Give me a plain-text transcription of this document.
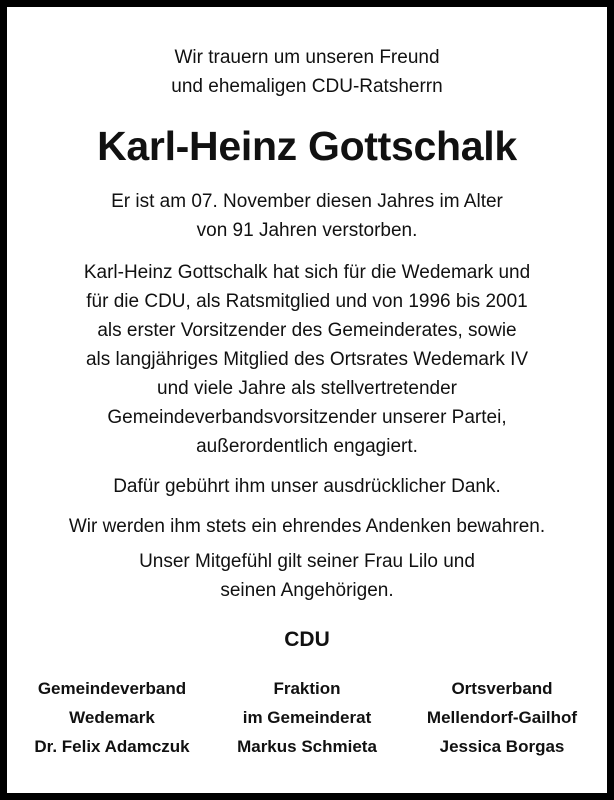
Wir trauern um unseren Freund
und ehemaligen CDU-Ratsherrn
Karl-Heinz Gottschalk
Er ist am 07. November diesen Jahres im Alter
von 91 Jahren verstorben.
Karl-Heinz Gottschalk hat sich für die Wedemark und
für die CDU, als Ratsmitglied und von 1996 bis 2001
als erster Vorsitzender des Gemeinderates, sowie
als langjähriges Mitglied des Ortsrates Wedemark IV
und viele Jahre als stellvertretender
Gemeindeverbandsvorsitzender unserer Partei,
außerordentlich engagiert.
Dafür gebührt ihm unser ausdrücklicher Dank.
Wir werden ihm stets ein ehrendes Andenken bewahren.
Unser Mitgefühl gilt seiner Frau Lilo und
seinen Angehörigen.
CDU
Gemeindeverband
Wedemark
Dr. Felix Adamczuk
Fraktion
im Gemeinderat
Markus Schmieta
Ortsverband
Mellendorf-Gailhof
Jessica Borgas
